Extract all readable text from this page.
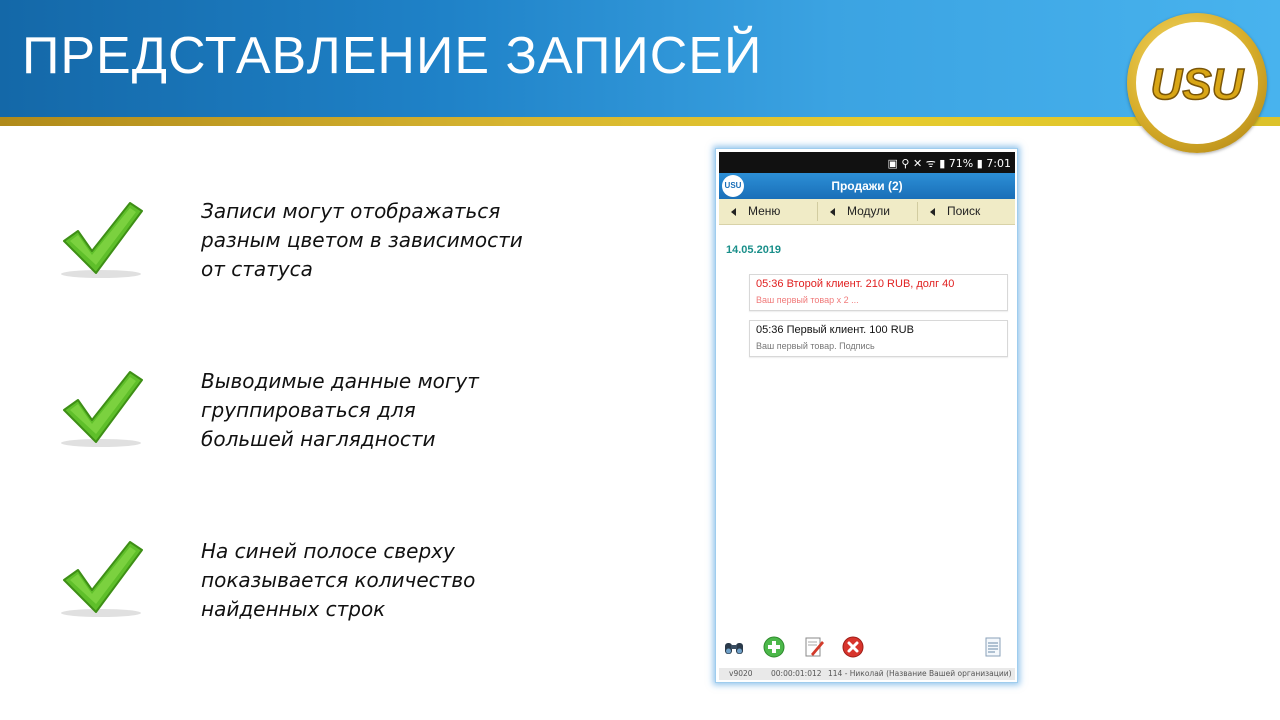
ПРЕДСТАВЛЕНИЕ ЗАПИСЕЙ	USU
Записи могут отображаться
разным цветом в зависимости
от статуса
Выводимые данные могут
группироваться для
большей наглядности
На синей полосе сверху
показывается количество
найденных строк
▣ ⚲ ✕ ᯤ ▮ 71% ▮ 7:01
USU	Продажи (2)
Меню	Модули	Поиск
14.05.2019
05:36 Второй клиент. 210 RUB, долг 40
Ваш первый товар x 2 ...
05:36 Первый клиент. 100 RUB
Ваш первый товар. Подпись
v9020 00:00:01:012 114 - Николай (Название Вашей организации)
